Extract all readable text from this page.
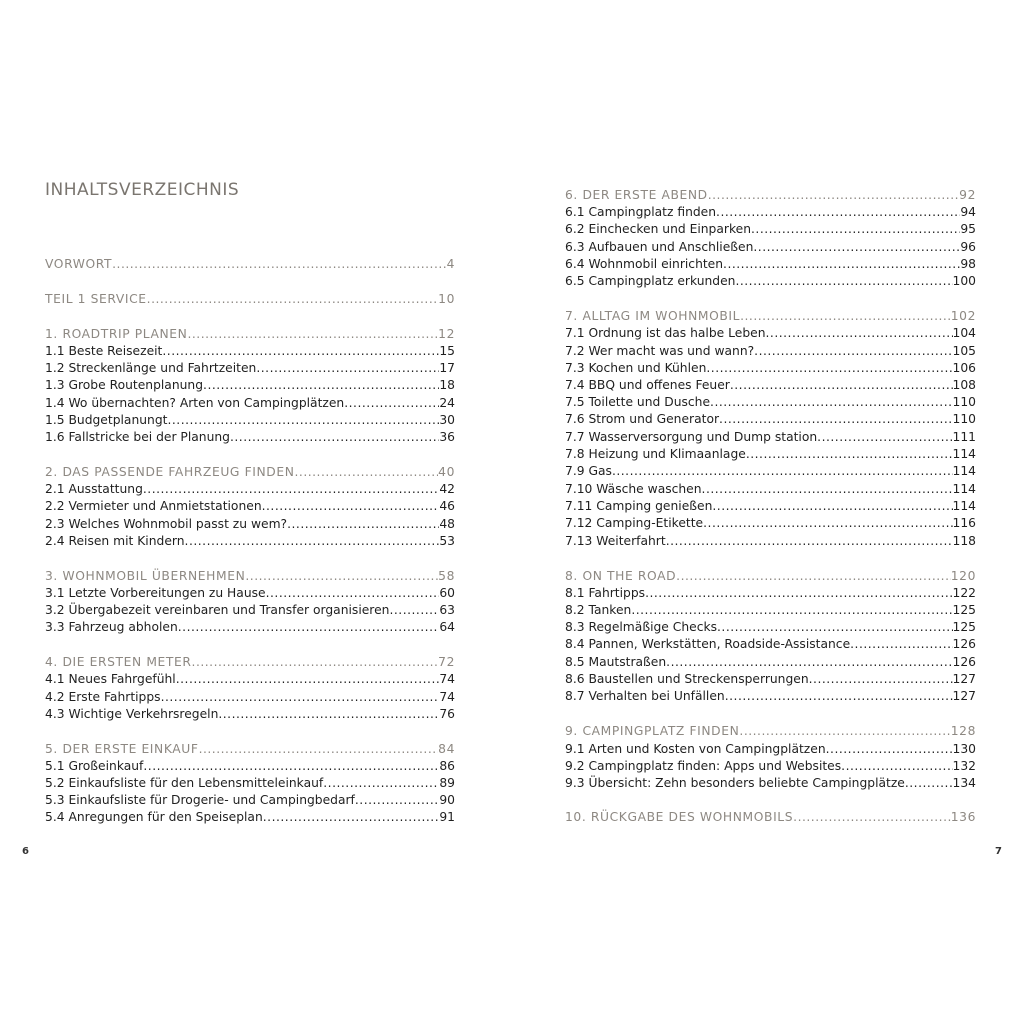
INHALTSVERZEICHNIS
VORWORT .....	4
TEIL 1 SERVICE .....	10
1. ROADTRIP PLANEN .....	12
1.1 Beste Reisezeit .....	15
1.2 Streckenlänge und Fahrtzeiten .....	17
1.3 Grobe Routenplanung .....	18
1.4 Wo übernachten? Arten von Campingplätzen .....	24
1.5 Budgetplanungt .....	30
1.6 Fallstricke bei der Planung .....	36
2. DAS PASSENDE FAHRZEUG FINDEN .....	40
2.1 Ausstattung .....	42
2.2 Vermieter und Anmietstationen .....	46
2.3 Welches Wohnmobil passt zu wem? .....	48
2.4 Reisen mit Kindern .....	53
3. WOHNMOBIL ÜBERNEHMEN .....	58
3.1 Letzte Vorbereitungen zu Hause .....	60
3.2 Übergabezeit vereinbaren und Transfer organisieren .....	63
3.3 Fahrzeug abholen .....	64
4. DIE ERSTEN METER .....	72
4.1 Neues Fahrgefühl .....	74
4.2 Erste Fahrtipps .....	74
4.3 Wichtige Verkehrsregeln .....	76
5. DER ERSTE EINKAUF .....	84
5.1 Großeinkauf .....	86
5.2 Einkaufsliste für den Lebensmitteleinkauf .....	89
5.3 Einkaufsliste für Drogerie- und Campingbedarf .....	90
5.4 Anregungen für den Speiseplan .....	91
6. DER ERSTE ABEND .....	92
6.1 Campingplatz finden .....	94
6.2 Einchecken und Einparken .....	95
6.3 Aufbauen und Anschließen .....	96
6.4 Wohnmobil einrichten .....	98
6.5 Campingplatz erkunden .....	100
7. ALLTAG IM WOHNMOBIL .....	102
7.1 Ordnung ist das halbe Leben .....	104
7.2 Wer macht was und wann? .....	105
7.3 Kochen und Kühlen .....	106
7.4 BBQ und offenes Feuer .....	108
7.5 Toilette und Dusche .....	110
7.6 Strom und Generator .....	110
7.7 Wasserversorgung und Dump station .....	111
7.8 Heizung und Klimaanlage .....	114
7.9 Gas .....	114
7.10 Wäsche waschen .....	114
7.11 Camping genießen .....	114
7.12 Camping-Etikette .....	116
7.13 Weiterfahrt .....	118
8. ON THE ROAD .....	120
8.1 Fahrtipps .....	122
8.2 Tanken .....	125
8.3 Regelmäßige Checks .....	125
8.4 Pannen, Werkstätten, Roadside-Assistance .....	126
8.5 Mautstraßen .....	126
8.6 Baustellen und Streckensperrungen .....	127
8.7 Verhalten bei Unfällen .....	127
9. CAMPINGPLATZ FINDEN .....	128
9.1 Arten und Kosten von Campingplätzen .....	130
9.2 Campingplatz finden: Apps und Websites .....	132
9.3 Übersicht: Zehn besonders beliebte Campingplätze .....	134
10. RÜCKGABE DES WOHNMOBILS .....	136
6	7
